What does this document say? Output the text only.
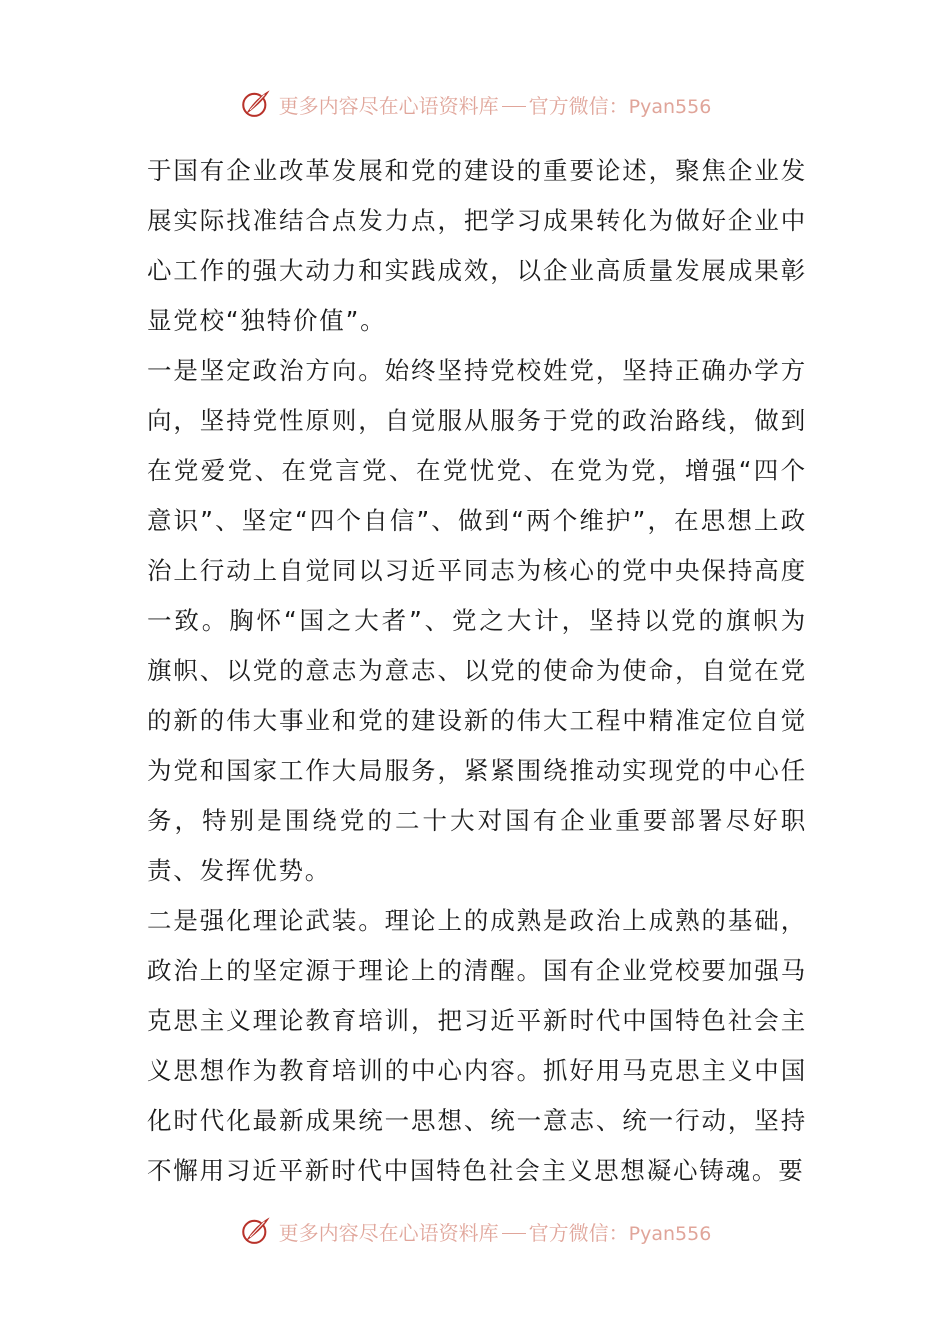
更多内容尽在心语资料库 官方微信： Pyan556

于国有企业改革发展和党的建设的重要论述，聚焦企业发展实际找准结合点发力点，把学习成果转化为做好企业中心工作的强大动力和实践成效，以企业高质量发展成果彰显党校“独特价值”。

一是坚定政治方向。始终坚持党校姓党，坚持正确办学方向，坚持党性原则，自觉服从服务于党的政治路线，做到在党爱党、在党言党、在党忧党、在党为党，增强“四个意识”、坚定“四个自信”、做到“两个维护”，在思想上政治上行动上自觉同以习近平同志为核心的党中央保持高度一致。胸怀“国之大者”、党之大计，坚持以党的旗帜为旗帜、以党的意志为意志、以党的使命为使命，自觉在党的新的伟大事业和党的建设新的伟大工程中精准定位自觉为党和国家工作大局服务，紧紧围绕推动实现党的中心任务，特别是围绕党的二十大对国有企业重要部署尽好职责、发挥优势。

二是强化理论武装。理论上的成熟是政治上成熟的基础，政治上的坚定源于理论上的清醒。国有企业党校要加强马克思主义理论教育培训，把习近平新时代中国特色社会主义思想作为教育培训的中心内容。抓好用马克思主义中国化时代化最新成果统一思想、统一意志、统一行动，坚持不懈用习近平新时代中国特色社会主义思想凝心铸魂。要

更多内容尽在心语资料库 官方微信： Pyan556
